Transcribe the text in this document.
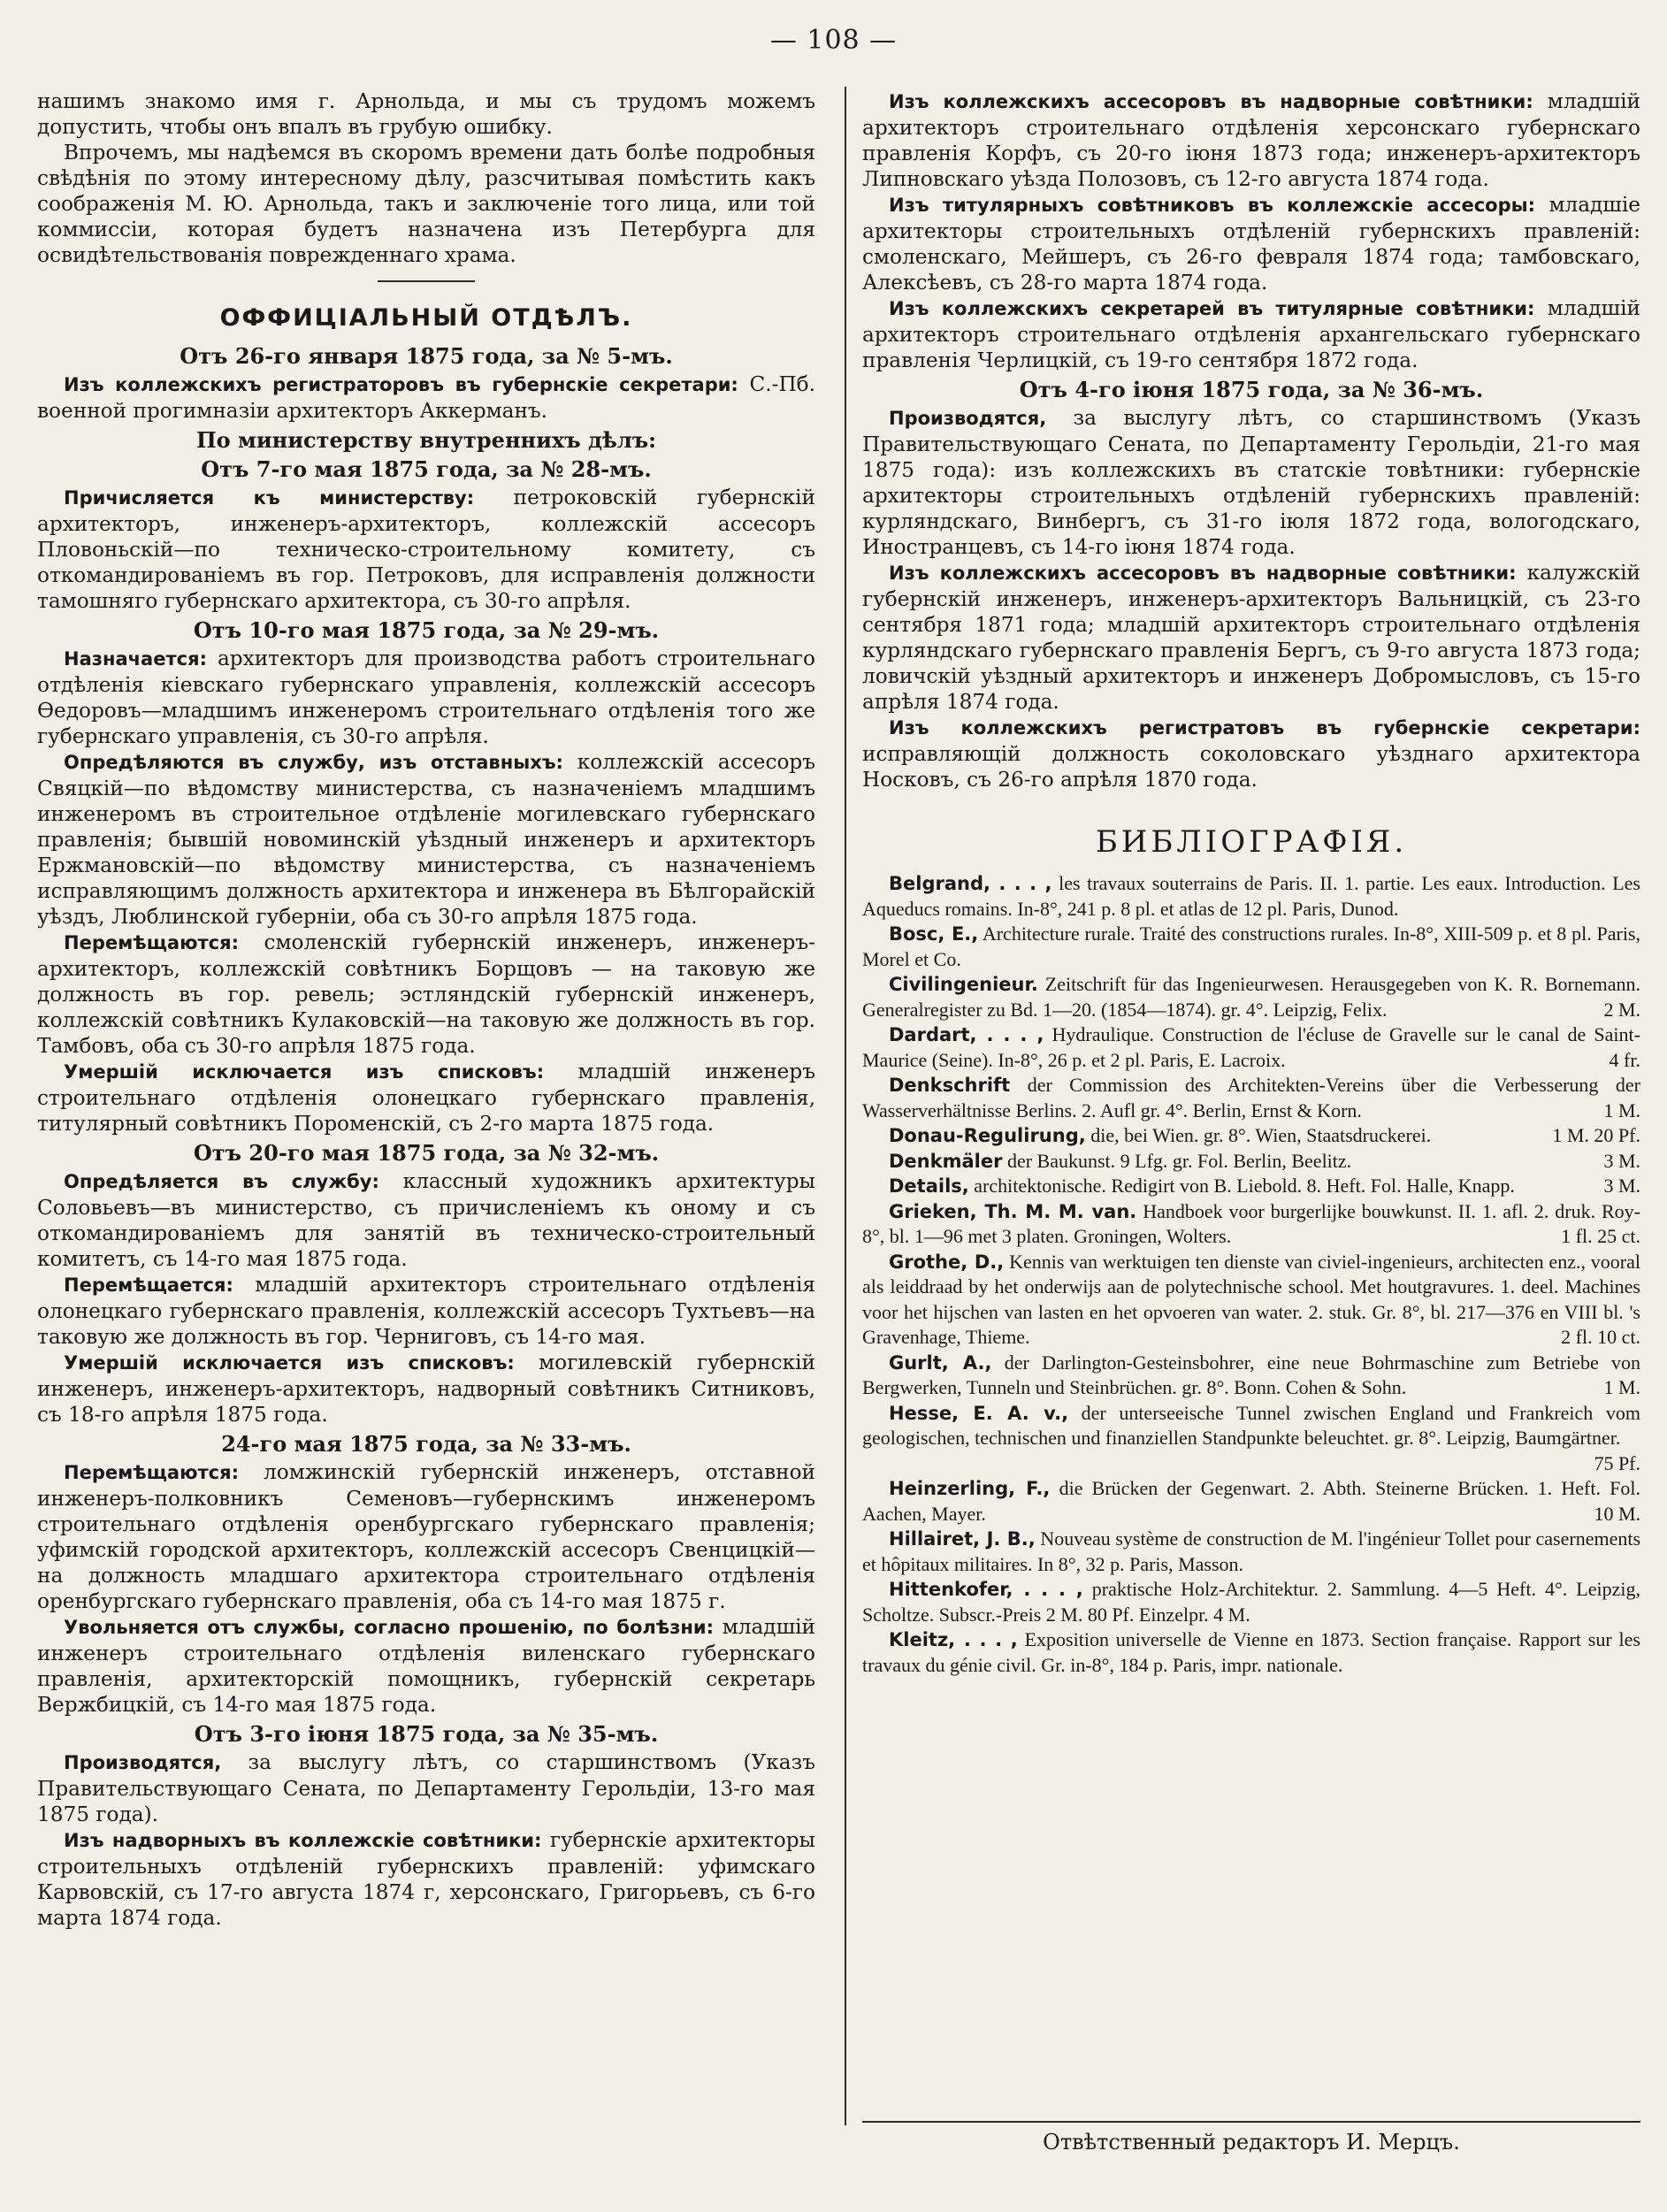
— 108 —

нашимъ знакомо имя г. Арнольда, и мы съ трудомъ можемъ допустить, чтобы онъ впалъ въ грубую ошибку.

Впрочемъ, мы надѣемся въ скоромъ времени дать болѣе подробныя свѣдѣнія по этому интересному дѣлу, разсчитывая помѣстить какъ соображенія М. Ю. Арнольда, такъ и заключеніе того лица, или той коммиссіи, которая будетъ назначена изъ Петербурга для освидѣтельствованія поврежденнаго храма.

ОФФИЦІАЛЬНЫЙ ОТДѢЛЪ.
Отъ 26-го января 1875 года, за № 5-мъ.

Изъ коллежскихъ регистраторовъ въ губернскіе секретари: С.-Пб. военной прогимназіи архитекторъ Аккерманъ.

По министерству внутреннихъ дѣлъ:
Отъ 7-го мая 1875 года, за № 28-мъ.

Причисляется къ министерству: петроковскій губернскій архитекторъ, инженеръ-архитекторъ, коллежскій ассесоръ Пловоньскій—по техническо-строительному комитету, съ откомандированіемъ въ гор. Петроковъ, для исправленія должности тамошняго губернскаго архитектора, съ 30-го апрѣля.

Отъ 10-го мая 1875 года, за № 29-мъ.

Назначается: архитекторъ для производства работъ строительнаго отдѣленія кіевскаго губернскаго управленія, коллежскій ассесоръ Өедоровъ—младшимъ инженеромъ строительнаго отдѣленія того же губернскаго управленія, съ 30-го апрѣля.

Опредѣляются въ службу, изъ отставныхъ: коллежскій ассесоръ Свяцкій—по вѣдомству министерства, съ назначеніемъ младшимъ инженеромъ въ строительное отдѣленіе могилевскаго губернскаго правленія; бывшій новоминскій уѣздный инженеръ и архитекторъ Ержмановскій—по вѣдомству министерства, съ назначеніемъ исправляющимъ должность архитектора и инженера въ Бѣлгорайскій уѣздъ, Люблинской губерніи, оба съ 30-го апрѣля 1875 года.

Перемѣщаются: смоленскій губернскій инженеръ, инженеръ-архитекторъ, коллежскій совѣтникъ Борщовъ — на таковую же должность въ гор. ревель; эстляндскій губернскій инженеръ, коллежскій совѣтникъ Кулаковскій—на таковую же должность въ гор. Тамбовъ, оба съ 30-го апрѣля 1875 года.

Умершій исключается изъ списковъ: младшій инженеръ строительнаго отдѣленія олонецкаго губернскаго правленія, титулярный совѣтникъ Пороменскій, съ 2-го марта 1875 года.

Отъ 20-го мая 1875 года, за № 32-мъ.

Опредѣляется въ службу: классный художникъ архитектуры Соловьевъ—въ министерство, съ причисленіемъ къ оному и съ откомандированіемъ для занятій въ техническо-строительный комитетъ, съ 14-го мая 1875 года.

Перемѣщается: младшій архитекторъ строительнаго отдѣленія олонецкаго губернскаго правленія, коллежскій ассесоръ Тухтьевъ—на таковую же должность въ гор. Черниговъ, съ 14-го мая.

Умершій исключается изъ списковъ: могилевскій губернскій инженеръ, инженеръ-архитекторъ, надворный совѣтникъ Ситниковъ, съ 18-го апрѣля 1875 года.

24-го мая 1875 года, за № 33-мъ.

Перемѣщаются: ломжинскій губернскій инженеръ, отставной инженеръ-полковникъ Семеновъ—губернскимъ инженеромъ строительнаго отдѣленія оренбургскаго губернскаго правленія; уфимскій городской архитекторъ, коллежскій ассесоръ Свенцицкій—на должность младшаго архитектора строительнаго отдѣленія оренбургскаго губернскаго правленія, оба съ 14-го мая 1875 г.

Увольняется отъ службы, согласно прошенію, по болѣзни: младшій инженеръ строительнаго отдѣленія виленскаго губернскаго правленія, архитекторскій помощникъ, губернскій секретарь Вержбицкій, съ 14-го мая 1875 года.

Отъ 3-го іюня 1875 года, за № 35-мъ.

Производятся, за выслугу лѣтъ, со старшинствомъ (Указъ Правительствующаго Сената, по Департаменту Герольдіи, 13-го мая 1875 года).

Изъ надворныхъ въ коллежскіе совѣтники: губернскіе архитекторы строительныхъ отдѣленій губернскихъ правленій: уфимскаго Карвовскій, съ 17-го августа 1874 г, херсонскаго, Григорьевъ, съ 6-го марта 1874 года.

Изъ коллежскихъ ассесоровъ въ надворные совѣтники: младшій архитекторъ строительнаго отдѣленія херсонскаго губернскаго правленія Корфъ, съ 20-го іюня 1873 года; инженеръ-архитекторъ Липновскаго уѣзда Полозовъ, съ 12-го августа 1874 года.

Изъ титулярныхъ совѣтниковъ въ коллежскіе ассесоры: младшіе архитекторы строительныхъ отдѣленій губернскихъ правленій: смоленскаго, Мейшеръ, съ 26-го февраля 1874 года; тамбовскаго, Алексѣевъ, съ 28-го марта 1874 года.

Изъ коллежскихъ секретарей въ титулярные совѣтники: младшій архитекторъ строительнаго отдѣленія архангельскаго губернскаго правленія Черлицкій, съ 19-го сентября 1872 года.

Отъ 4-го іюня 1875 года, за № 36-мъ.

Производятся, за выслугу лѣтъ, со старшинствомъ (Указъ Правительствующаго Сената, по Департаменту Герольдіи, 21-го мая 1875 года): изъ коллежскихъ въ статскіе товѣтники: губернскіе архитекторы строительныхъ отдѣленій губернскихъ правленій: курляндскаго, Винбергъ, съ 31-го іюля 1872 года, вологодскаго, Иностранцевъ, съ 14-го іюня 1874 года.

Изъ коллежскихъ ассесоровъ въ надворные совѣтники: калужскій губернскій инженеръ, инженеръ-архитекторъ Вальницкій, съ 23-го сентября 1871 года; младшій архитекторъ строительнаго отдѣленія курляндскаго губернскаго правленія Бергъ, съ 9-го августа 1873 года; ловичскій уѣздный архитекторъ и инженеръ Добромысловъ, съ 15-го апрѣля 1874 года.

Изъ коллежскихъ регистратовъ въ губернскіе секретари: исправляющій должность соколовскаго уѣзднаго архитектора Носковъ, съ 26-го апрѣля 1870 года.

БИБЛІОГРАФІЯ.

Belgrand, . . . , les travaux souterrains de Paris. II. 1. partie. Les eaux. Introduction. Les Aqueducs romains. In-8°, 241 p. 8 pl. et atlas de 12 pl. Paris, Dunod.

Bosc, E., Architecture rurale. Traité des constructions rurales. In-8°, XIII-509 p. et 8 pl. Paris, Morel et Co.

Civilingenieur. Zeitschrift für das Ingenieurwesen. Herausgegeben von K. R. Bornemann. Generalregister zu Bd. 1—20. (1854—1874). gr. 4°. Leipzig, Felix.	2 M.

Dardart, . . . , Hydraulique. Construction de l'écluse de Gravelle sur le canal de Saint-Maurice (Seine). In-8°, 26 p. et 2 pl. Paris, E. Lacroix.	4 fr.

Denkschrift der Commission des Architekten-Vereins über die Verbesserung der Wasserverhältnisse Berlins. 2. Aufl gr. 4°. Berlin, Ernst & Korn.	1 M.

Donau-Regulirung, die, bei Wien. gr. 8°. Wien, Staatsdruckerei.	1 M. 20 Pf.

Denkmäler der Baukunst. 9 Lfg. gr. Fol. Berlin, Beelitz.	3 M.

Details, architektonische. Redigirt von B. Liebold. 8. Heft. Fol. Halle, Knapp.	3 M.

Grieken, Th. M. M. van. Handboek voor burgerlijke bouwkunst. II. 1. afl. 2. druk. Roy-8°, bl. 1—96 met 3 platen. Groningen, Wolters.	1 fl. 25 ct.

Grothe, D., Kennis van werktuigen ten dienste van civiel-ingenieurs, architecten enz., vooral als leiddraad by het onderwijs aan de polytechnische school. Met houtgravures. 1. deel. Machines voor het hijschen van lasten en het opvoeren van water. 2. stuk. Gr. 8°, bl. 217—376 en VIII bl. 's Gravenhage, Thieme.	2 fl. 10 ct.

Gurlt, A., der Darlington-Gesteinsbohrer, eine neue Bohrmaschine zum Betriebe von Bergwerken, Tunneln und Steinbrüchen. gr. 8°. Bonn. Cohen & Sohn.	1 M.

Hesse, E. A. v., der unterseeische Tunnel zwischen England und Frankreich vom geologischen, technischen und finanziellen Standpunkte beleuchtet. gr. 8°. Leipzig, Baumgärtner.
75 Pf.

Heinzerling, F., die Brücken der Gegenwart. 2. Abth. Steinerne Brücken. 1. Heft. Fol. Aachen, Mayer.	10 M.

Hillairet, J. B., Nouveau système de construction de M. l'ingénieur Tollet pour casernements et hôpitaux militaires. In 8°, 32 p. Paris, Masson.

Hittenkofer, . . . , praktische Holz-Architektur. 2. Sammlung. 4—5 Heft. 4°. Leipzig, Scholtze. Subscr.-Preis 2 M. 80 Pf. Einzelpr. 4 M.

Kleitz, . . . , Exposition universelle de Vienne en 1873. Section française. Rapport sur les travaux du génie civil. Gr. in-8°, 184 p. Paris, impr. nationale.

Отвѣтственный редакторъ И. Мерцъ.
